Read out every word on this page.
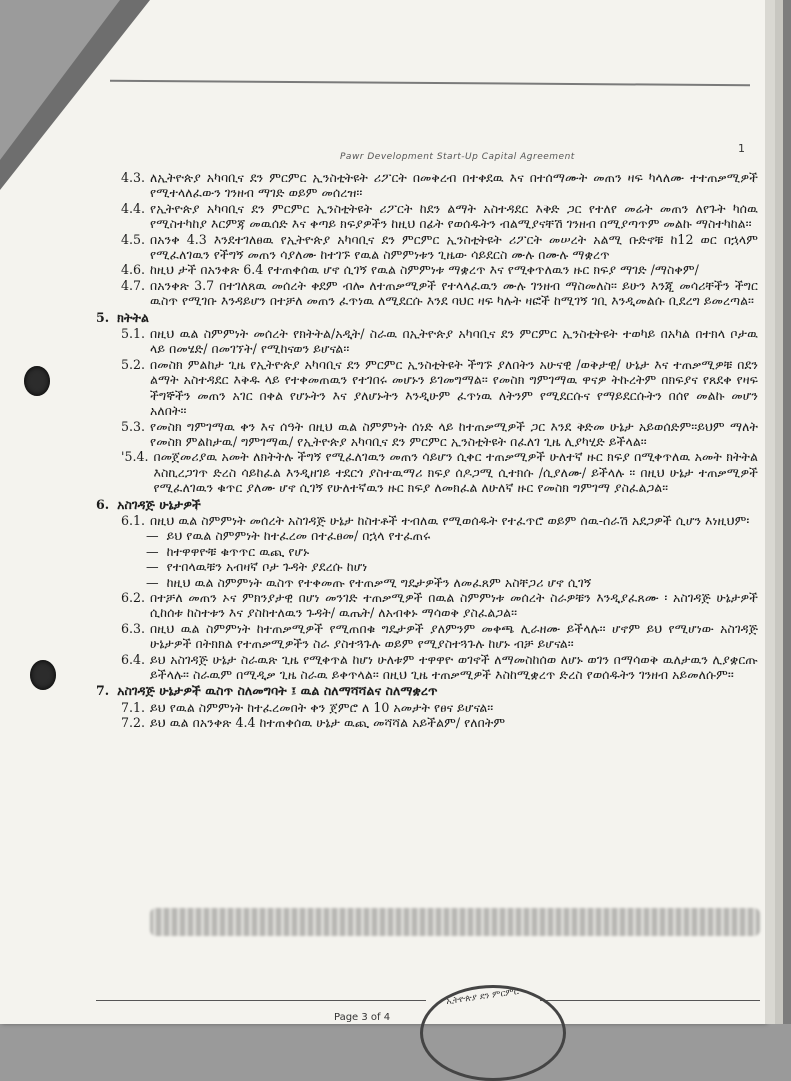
Pawr Development Start-Up Capital Agreement
1
4.3. ለኢትዮጵያ አካባቢና ደን ምርምር ኢንስቲትዩት ሪፖርት በመቅረብ በተቀደዉ እና በተሰማሙት መጠን ዛፍ ካላለሙ ተተጠቃሚዎች የሚተላለፈውን ገንዘብ ማገድ ወይም መሰረዝ፡፡
4.4. የኢትዮጵያ አካባቢና ደን ምርምር ኢንስቲትዩት ሪፖርት ከደን ልማት አስተዳደር እቅድ ጋር የተለየ መሬት መጠን ለየጉት ካሰዉ የሚስተካከያ እርምጃ መዉሰድ እና ቀጣይ ክፍያዎችን ከዚህ በፊት የወሰዱትን ብልሚያናቸሽ ገንዘብ በሚያጣጥም መልኩ ማስተካከል፡፡
4.5. በአንቀ 4.3 እንደተገለፀዉ የኢትዮጵያ አካባቢና ደን ምርምር ኢንስቲትዩት ሪፖርት መሠረት አልሚ ቡድኖቹ ከ12 ወር በኋላም የሚፈለገዉን የችግኝ መጠን ሳያለሙ ከተገኙ የዉል ስምምነቱን ጊዜው ሳይደርስ ሙሉ በሙሉ ማቋረጥ
4.6. ከዚህ ታች በአንቀጽ 6.4 የተጠቀሰዉ ሆኖ ሲገኝ የዉል ስምምነቱ ማቋረጥ እና የሚቀጥለዉን ዙር ክፍያ ማገድ /ማስቀም/
4.7. በአንቀጽ 3.7 በተገለጸዉ መሰረት ቀደም ብሎ ለተጠቃሚዎች የተላላፈዉን ሙሉ ገንዘብ ማስመለስ፡፡ ይሁን እንጂ መሳሪቸችን ችግር ዉስጥ የሚገቡ እንዳይሆን በተቻለ መጠን ፈጥነዉ ለሚደርሱ እንደ ባህር ዛፍ ካሉት ዛፎች ከሚገኝ ገቢ እንዲመልሱ ቢደረግ ይመረጣል፡፡
5. ክትትል
5.1. በዚህ ዉል ስምምነት መሰረት የክትትል/አዲት/ ስራዉ በኢትዮጵያ አካባቢና ደን ምርምር ኢንስቲትዩት ተወካይ በአካል በተክላ ቦታዉ ላይ በመሄድ/ በመገኘት/ የሚከናወን ይሆናል፡፡
5.2. በመስክ ምልከታ ጊዜ የኢትዮጵያ አካባቢና ደን ምርምር ኢንስቲትዩት ችግኙ ያለበትን አሁናዊ /ወቅታዊ/ ሁኔታ እና ተጠቃሚዎቹ በደን ልማት አስተዳደር እቅዱ ላይ የተቀመጠዉን የተገበሩ መሆኑን ይገመግማል፡፡ የመስክ ግምገማዉ ዋናዎ ትኩረትም በክፍያና የጸደቀ የዛፍ ችግኞችን መጠን አገር በቀል የሆኑትን እና ያለሆኑትን እንዲሁም ፈጥነዉ ለትንም የሚደርሱና የማይደርሱትን በሰየ መልኩ መሆን አለበት፡፡
5.3. የመስክ ግምገማዉ ቀን እና ሰዓት በዚህ ዉል ስምምነት ሰነድ ላይ ከተጠቃሚዎች ጋር እንደ ቅድመ ሁኔታ አይወሰድም፡፡ይህም ማለት የመስክ ምልከታዉ/ ግምገማዉ/ የኢትዮጵያ አካባቢና ደን ምርምር ኢንስቲትዩት በፈለገ ጊዜ ሊያካሂድ ይችላል፡፡
'5.4. በመጀመሪያዉ አመት ለክትትሉ ችግኝ የሚፈለገዉን መጠን ሳይሆን ሲቀር ተጠቃሚዎች ሁለተኛ ዙር ክፍያ በሚቀጥለዉ አመት ክትትል እስኪረጋገጥ ድረስ ሳይከፈል እንዲዘገይ ተደርጎ ያስተዉማሪ ክፍያ ሰዶጋሚ ሲተክሱ /ሲያለሙ/ ይችላሉ ፡፡ በዚህ ሁኔታ ተጠቃሚዎች የሚፈለገዉን ቁጥር ያለሙ ሆኖ ሲገኝ የሁለተኛዉን ዙር ክፍያ ለመክፈል ለሁለኛ ዙር የመስክ ግምገማ ያስፈልጋል፡፡
6. አስገዳጅ ሁኔታዎች
6.1. በዚህ ዉል ስምምነት መሰረት አስገዳጅ ሁኔታ ከስተቶች ተብለዉ የሚወሰዱት የተፈጥሮ ወይም ሰዉ-ሰራሽ አደጋዎች ሲሆን እነዚህም፡
— ይህ የዉል ስምምነት ከተፈረመ በተፈፀመ/ በኋላ የተፈጠሩ
— ከተዋዋዮቹ ቁጥጥር ዉጪ የሆኑ
— የተበላዉቹን አብዛኛ ቦታ ጉዳት ያደረሱ ከሆነ
— ከዚህ ዉል ስምምነት ዉስጥ የተቀመጡ የተጠቃሚ ግዴታዎችን ለመፈጸም አስቸጋሪ ሆኖ ሲገኝ
6.2. በተቻለ መጠን ኦና ምክንያታዊ በሆነ መንገድ ተጠቃሚዎች በዉል ስምምነቱ መሰረት ስራዎቹን እንዲያፈጸሙ ፡ አስገዳጅ ሁኔታዎች ሲከሰቱ ከስተቱን እና ያስከተለዉን ጉዳት/ ዉጤት/ ለአብቀኑ ማሳወቅ ያስፈልጋል፡፡
6.3. በዚህ ዉል ስምምነት ከተጠቃሚዎች የሚጠበቁ ግዴታዎች ያለምንም መቀጫ ሊራዘሙ ይችላሉ፡፡ ሆኖም ይህ የሚሆነው አስገዳጅ ሁኔታዎች በትክክል የተጠቃሚዎችን ስራ ያስተጓጉሉ ወይም የሚያስተጓጉሉ ከሆኑ ብቻ ይሆናል፡፡
6.4. ይህ አስገዳጅ ሁኔታ ስራዉጽ ጊዜ የሚቀጥል ከሆነ ሁለቱም ተዋዋዮ ወገኖች ለማመስከሰወ ለሆኑ ወገን በማሳወቅ ዉለታዉን ሊያቋርጡ ይችላሉ፡፡ ስራዉም በሚዲቃ ጊዜ ስራዉ ይቀጥላል፡፡ በዚህ ጊዜ ተጠቃሚዎች እስከሚቋረጥ ድረስ የወሰዱትን ገንዘብ አይመለሱም፡፡
7. አስገዳጅ ሁኔታዎች ዉስጥ ስለመግባት ፤ ዉል ስለማሻሻልና ስለማቋረጥ
7.1. ይህ የዉል ስምምነት ከተፈረመበት ቀን ጀምሮ ለ 10 አመታት የፀና ይሆናል፡፡
7.2. ይህ ዉል በአንቀጽ 4.4 ከተጠቀሰዉ ሁኔታ ዉጪ መሻሻል አይችልም/ የለበትም
ኢትዮጵያ ደን ምርምር
Page 3 of 4
